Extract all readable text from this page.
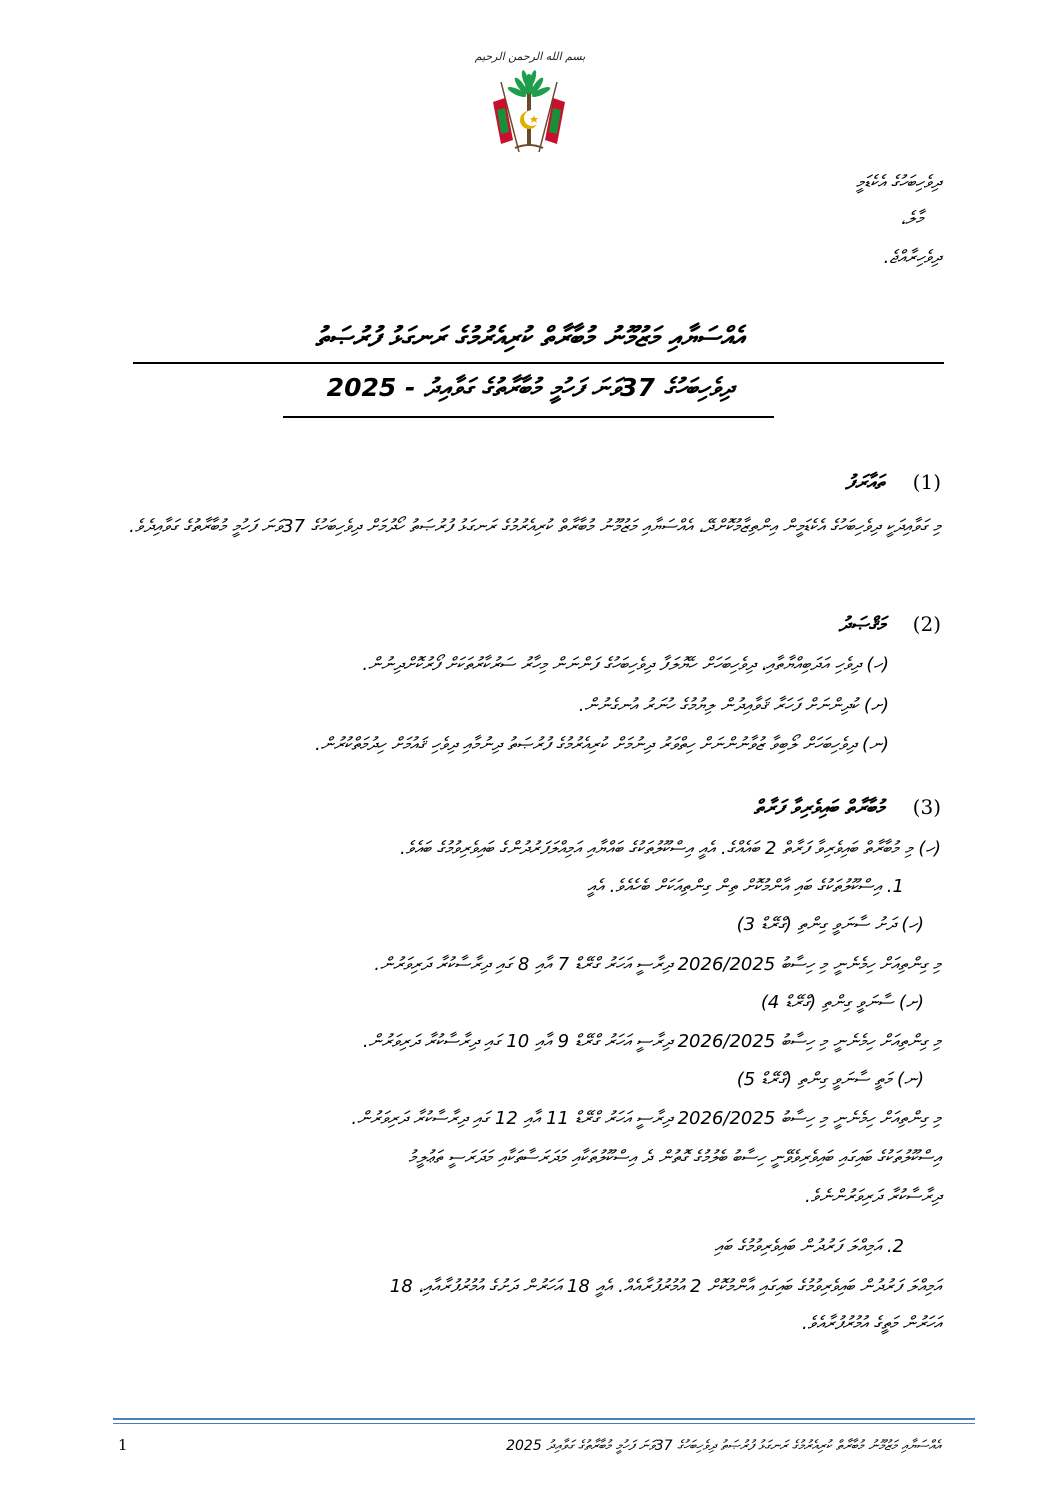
بسم الله الرحمن الرحيم
ދިވެހިބަހުގެ އެކެޑަމީ
މާލެ،
ދިވެހިރާއްޖެ.
އެއްސަޔާއި މަޒުމޫނު މުބާރާތް ކުރިއެރުމުގެ ރަނގަޅު ފުރުޞަތު
ދިވެހިބަހުގެ 37ވަނަ ފަހުމީ މުބާރާތުގެ ގަވާއިދު - 2025
(1)
ތައާރަފު
މި ގަވާއިދަކީ ދިވެހިބަހުގެ އެކެޑަމީން އިންތިޒާމުކޮށްދޭ، އެއްސަޔާއި މަޒުމޫނު މުބާރާތް ކުރިއެރުމުގެ ރަނގަޅު ފުރުޞަތު ހޯދުމަށް ދިވެހިބަހުގެ 37ވަނަ ފަހުމީ މުބާރާތުގެ ގަވާއިދެވެ.
(2)
މަޤްޞަދު
(ހ) ދިވެހި އަދަބިއްޔާތާއި، ދިވެހިބަހަށް ހެޔޮލަފާ ދިވެހިބަހުގެ ފަންނަން މިހާރު ސަރުކާރުތަކަށް ފޯރުކޮށްދިނުން.
(ށ) ކުދިންނަށް ފަހަރާ ޤަވާއިދުން ލިޔުމުގެ ހުނަރު އުނގެނުން.
(ނ) ދިވެހިބަހަށް ލޯބިވާ ޒުވާނުންނަށް ހިތްވަރު ދިނުމަށް ކުރިއެރުމުގެ ފުރުޞަތު ދިނުމާއި ދިވެހި ޤައުމަށް ހިދުމަތްކުރުން.
(3)
މުބާރާތް ބައިވެރިވާ ފަރާތް
(ހ) މި މުބާރާތް ބައިވެރިވާ ފަރާތް 2 ބައެއްގެ. އެއީ އިސްކޫލުތަކުގެ ބައްޔާއި އަމިއްލަފަރުދުންގެ ބައިވެރިވުމުގެ ބައެވެ.
1. އިސްކޫލުތަކުގެ ބައި އާންމުކޮށް ތިން ގިންތިއަކަށް ބެހެއެވެ. އެއީ
(ހ) ދަށު ސާނަވީ ގިންތި (ގްރޭޑް 3)
މި ގިންތިއަށް ހިމެނެނީ މި ހިސާބު 2026/2025 ދިރާސީ އަހަރު ގްރޭޑް 7 އާއި 8 ގައި ދިރާސާކުރާ ދަރިވަރުން.
(ށ) ސާނަވީ ގިންތި (ގްރޭޑް 4)
މި ގިންތިއަށް ހިމެނެނީ މި ހިސާބު 2026/2025 ދިރާސީ އަހަރު ގްރޭޑް 9 އާއި 10 ގައި ދިރާސާކުރާ ދަރިވަރުން.
(ނ) މަތީ ސާނަވީ ގިންތި (ގްރޭޑް 5)
މި ގިންތިއަށް ހިމެނެނީ މި ހިސާބު 2026/2025 ދިރާސީ އަހަރު ގްރޭޑް 11 އާއި 12 ގައި ދިރާސާކުރާ ދަރިވަރުން.
އިސްކޫލުތަކުގެ ބައިގައި ބައިވެރިވެވޭނީ ހިސާބު ބެލުމުގެ ގޮތުން ދެ އިސްކޫލުތަކާއި މަދަރަސާތަކާއި މަދަރަސީ ތަޢުލީމު
ދިރާސާކުރާ ދަރިވަރުންނެވެ.
2. އަމިއްލަ ފަރުދުން ބައިވެރިވުމުގެ ބައި
އަމިއްލަ ފަރުދުން ބައިވެރިވުމުގެ ބައިގައި އާންމުކޮށް 2 އުމުރުފުރާއެއް. އެއީ 18 އަހަރުން ދަށުގެ އުމުރުފުރާއާއި، 18
އަހަރުން މަތީގެ އުމުރުފުރާއެވެ.
1	އެއްސަޔާއި މަޒުމޫނު މުބާރާތް ކުރިއެރުމުގެ ރަނގަޅު ފުރުޞަތު ދިވެހިބަހުގެ 37ވަނަ ފަހުމީ މުބާރާތުގެ ގަވާއިދު 2025
